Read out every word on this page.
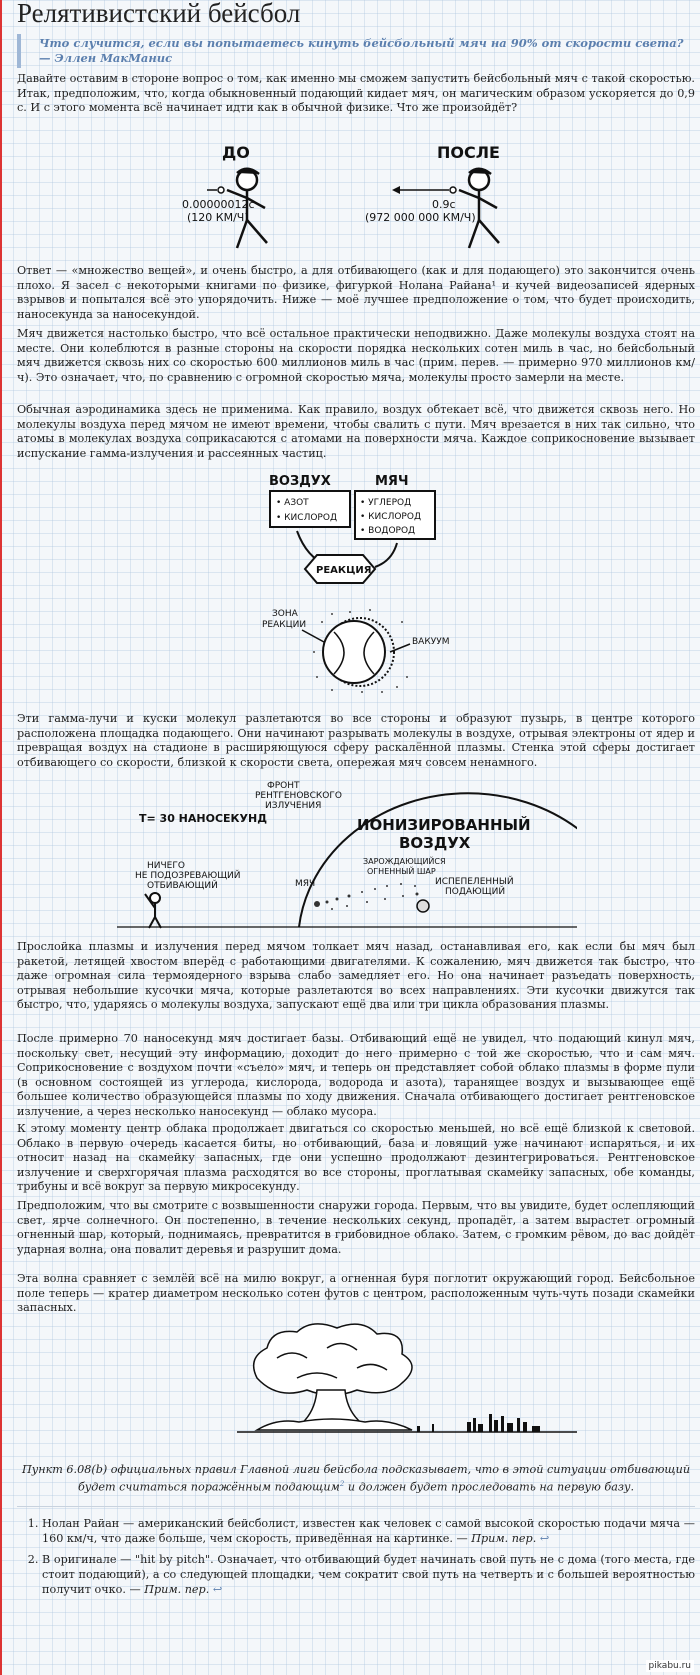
Релятивистский бейсбол
Что случится, если вы попытаетесь кинуть бейсбольный мяч на 90% от скорости света?
— Эллен МакМанис

Давайте оставим в стороне вопрос о том, как именно мы сможем запустить бейсбольный мяч с такой скоростью. Итак, предположим, что, когда обыкновенный подающий кидает мяч, он магическим образом ускоряется до 0,9 с. И с этого момента всё начинает идти как в обычной физике. Что же произойдёт?

ДО	ПОСЛЕ
0.00000012c
(120 КМ/Ч)
0.9c
(972 000 000 КМ/Ч)

Ответ — «множество вещей», и очень быстро, а для отбивающего (как и для подающего) это закончится очень плохо. Я засел с некоторыми книгами по физике, фигуркой Нолана Райана¹ и кучей видеозаписей ядерных взрывов и попытался всё это упорядочить. Ниже — моё лучшее предположение о том, что будет происходить, наносекунда за наносекундой.

Мяч движется настолько быстро, что всё остальное практически неподвижно. Даже молекулы воздуха стоят на месте. Они колеблются в разные стороны на скорости порядка нескольких сотен миль в час, но бейсбольный мяч движется сквозь них со скоростью 600 миллионов миль в час (прим. перев. — примерно 970 миллионов км/ч). Это означает, что, по сравнению с огромной скоростью мяча, молекулы просто замерли на месте.

Обычная аэродинамика здесь не применима. Как правило, воздух обтекает всё, что движется сквозь него. Но молекулы воздуха перед мячом не имеют времени, чтобы свалить с пути. Мяч врезается в них так сильно, что атомы в молекулах воздуха соприкасаются с атомами на поверхности мяча. Каждое соприкосновение вызывает испускание гамма-излучения и рассеянных частиц.

ВОЗДУХ	МЯЧ
• АЗОТ
• КИСЛОРОД
• УГЛЕРОД
• КИСЛОРОД
• ВОДОРОД
РЕАКЦИЯ
ЗОНА
РЕАКЦИИ
ВАКУУМ

Эти гамма-лучи и куски молекул разлетаются во все стороны и образуют пузырь, в центре которого расположена площадка подающего. Они начинают разрывать молекулы в воздухе, отрывая электроны от ядер и превращая воздух на стадионе в расширяющуюся сферу раскалённой плазмы. Стенка этой сферы достигает отбивающего со скорости, близкой к скорости света, опережая мяч совсем ненамного.

T= 30 НАНОСЕКУНД
ФРОНТ
РЕНТГЕНОВСКОГО
ИЗЛУЧЕНИЯ
ИОНИЗИРОВАННЫЙ
ВОЗДУХ
НИЧЕГО
НЕ ПОДОЗРЕВАЮЩИЙ
ОТБИВАЮЩИЙ	МЯЧ
ЗАРОЖДАЮЩИЙСЯ
ОГНЕННЫЙ ШАР
ИСПЕПЕЛЕННЫЙ
ПОДАЮЩИЙ

Прослойка плазмы и излучения перед мячом толкает мяч назад, останавливая его, как если бы мяч был ракетой, летящей хвостом вперёд с работающими двигателями. К сожалению, мяч движется так быстро, что даже огромная сила термоядерного взрыва слабо замедляет его. Но она начинает разъедать поверхность, отрывая небольшие кусочки мяча, которые разлетаются во всех направлениях. Эти кусочки движутся так быстро, что, ударяясь о молекулы воздуха, запускают ещё два или три цикла образования плазмы.

После примерно 70 наносекунд мяч достигает базы. Отбивающий ещё не увидел, что подающий кинул мяч, поскольку свет, несущий эту информацию, доходит до него примерно с той же скоростью, что и сам мяч. Соприкосновение с воздухом почти «съело» мяч, и теперь он представляет собой облако плазмы в форме пули (в основном состоящей из углерода, кислорода, водорода и азота), таранящее воздух и вызывающее ещё большее количество образующейся плазмы по ходу движения. Сначала отбивающего достигает рентгеновское излучение, а через несколько наносекунд — облако мусора.

К этому моменту центр облака продолжает двигаться со скоростью меньшей, но всё ещё близкой к световой. Облако в первую очередь касается биты, но отбивающий, база и ловящий уже начинают испаряться, и их относит назад на скамейку запасных, где они успешно продолжают дезинтегрироваться. Рентгеновское излучение и сверхгорячая плазма расходятся во все стороны, проглатывая скамейку запасных, обе команды, трибуны и всё вокруг за первую микросекунду.

Предположим, что вы смотрите с возвышенности снаружи города. Первым, что вы увидите, будет ослепляющий свет, ярче солнечного. Он постепенно, в течение нескольких секунд, пропадёт, а затем вырастет огромный огненный шар, который, поднимаясь, превратится в грибовидное облако. Затем, с громким рёвом, до вас дойдёт ударная волна, она повалит деревья и разрушит дома.

Эта волна сравняет с землёй всё на милю вокруг, а огненная буря поглотит окружающий город. Бейсбольное поле теперь — кратер диаметром несколько сотен футов с центром, расположенным чуть-чуть позади скамейки запасных.

Пункт 6.08(b) официальных правил Главной лиги бейсбола подсказывает, что в этой ситуации отбивающий будет считаться поражённым подающим$^2$ и должен будет проследовать на первую базу.
1. Нолан Райан — американский бейсболист, известен как человек с самой высокой скоростью подачи мяча — 160 км/ч, что даже больше, чем скорость, приведённая на картинке. — Прим. пер. ↩
2. В оригинале — "hit by pitch". Означает, что отбивающий будет начинать свой путь не с дома (того места, где стоит подающий), а со следующей площадки, чем сократит свой путь на четверть и с большей вероятностью получит очко. — Прим. пер. ↩
pikabu.ru
